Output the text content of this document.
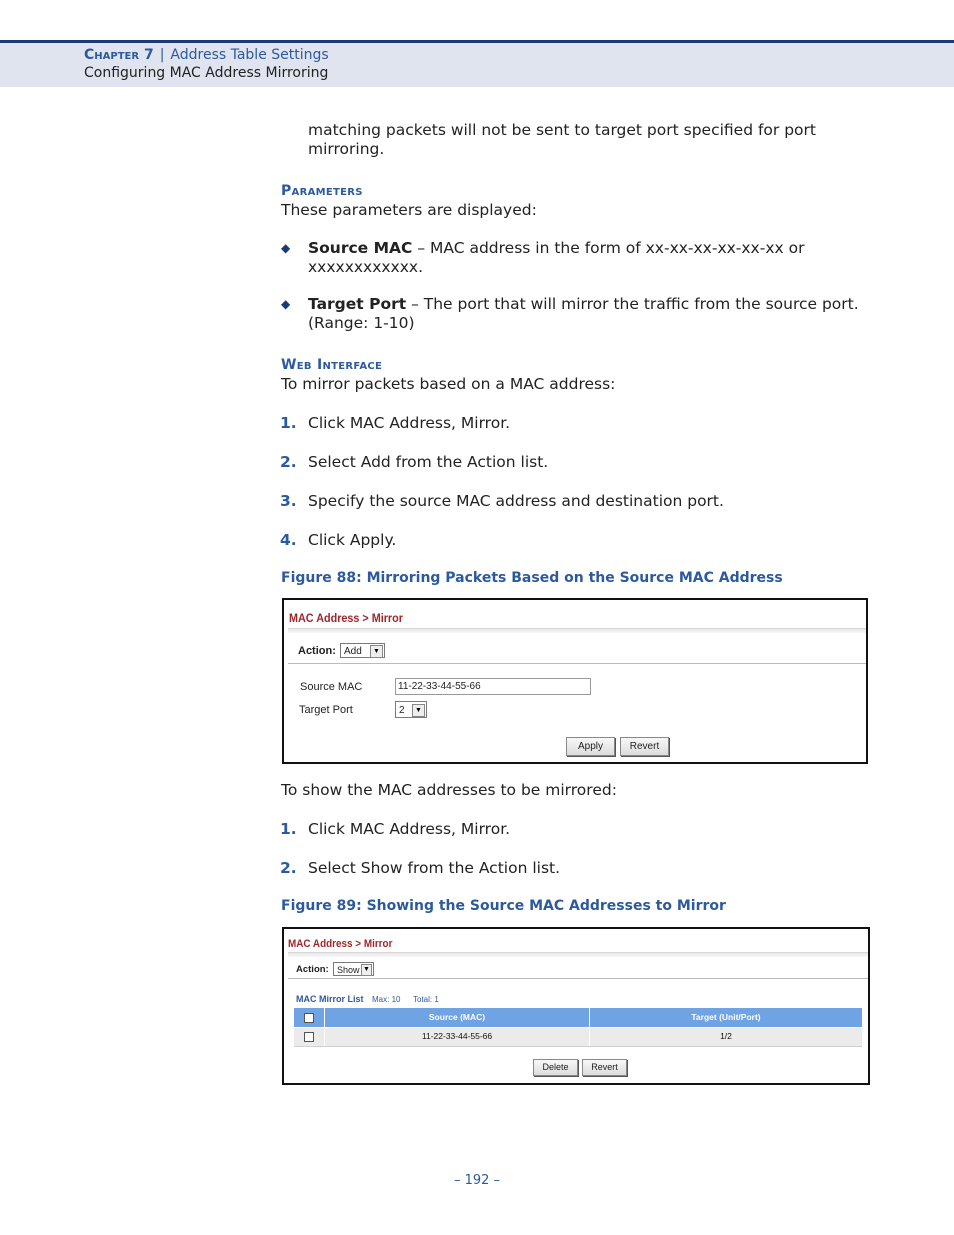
Chapter 7 | Address Table Settings
Configuring MAC Address Mirroring
matching packets will not be sent to target port specified for port mirroring.
Parameters
These parameters are displayed:
◆ Source MAC – MAC address in the form of xx-xx-xx-xx-xx-xx or xxxxxxxxxxxx.
◆ Target Port – The port that will mirror the traffic from the source port. (Range: 1-10)
Web Interface
To mirror packets based on a MAC address:
1. Click MAC Address, Mirror.
2. Select Add from the Action list.
3. Specify the source MAC address and destination port.
4. Click Apply.
Figure 88: Mirroring Packets Based on the Source MAC Address
MAC Address > Mirror
Action: Add	▼
Source MAC	11-22-33-44-55-66
Target Port	2	▼
Apply	Revert
To show the MAC addresses to be mirrored:
1. Click MAC Address, Mirror.
2. Select Show from the Action list.
Figure 89: Showing the Source MAC Addresses to Mirror
MAC Address > Mirror
Action: Show ▼
MAC Mirror List Max: 10 Total: 1
Source (MAC)	Target (Unit/Port)
11-22-33-44-55-66	1/2
Delete	Revert
– 192 –
